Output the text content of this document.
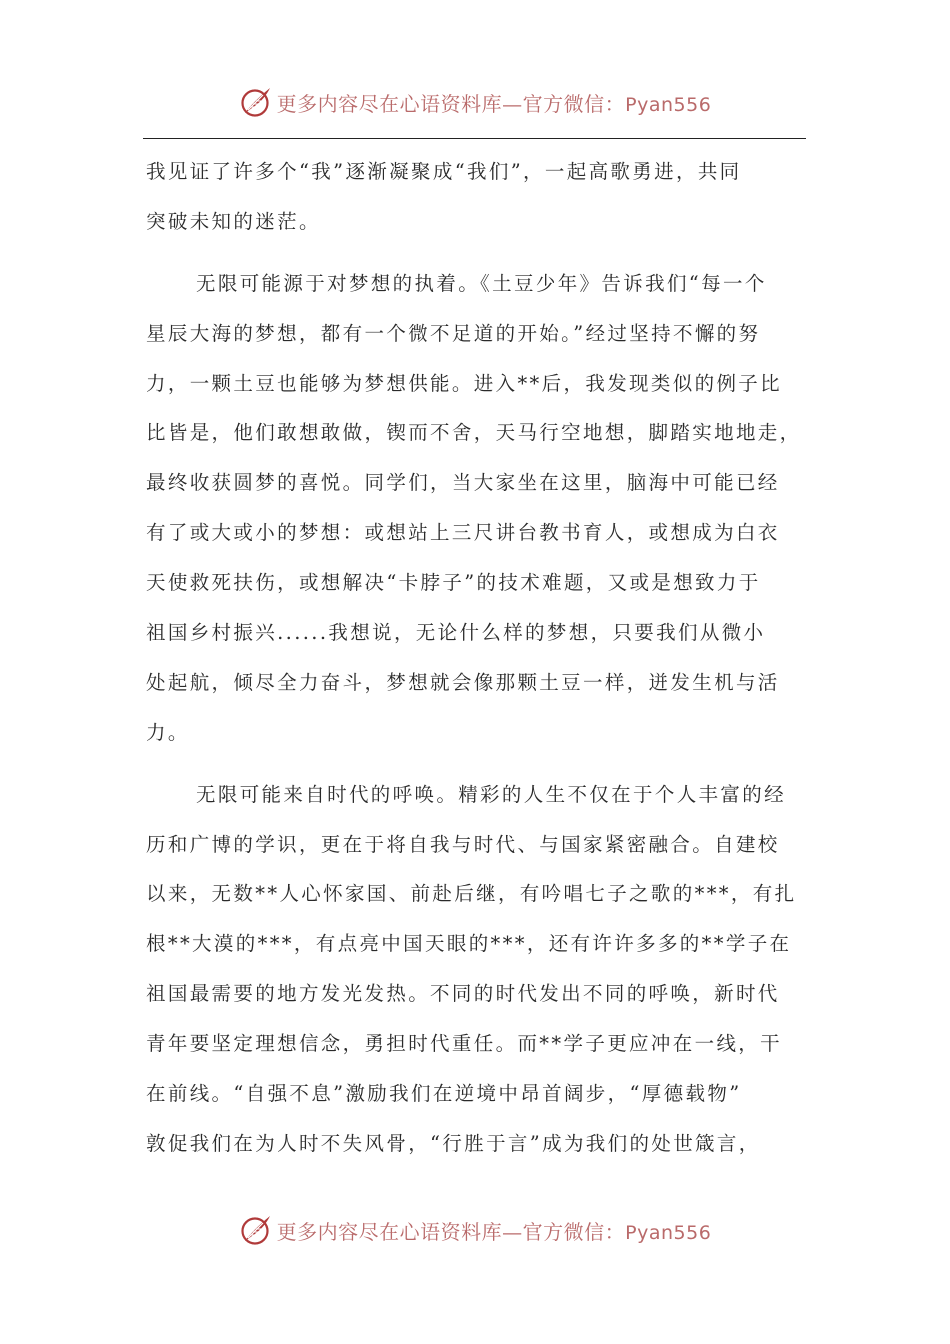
更多内容尽在心语资料库—官方微信：Pyan556
我见证了许多个“我”逐渐凝聚成“我们”，一起高歌勇进，共同
突破未知的迷茫。
无限可能源于对梦想的执着。《土豆少年》告诉我们“每一个
星辰大海的梦想，都有一个微不足道的开始。”经过坚持不懈的努
力，一颗土豆也能够为梦想供能。进入**后，我发现类似的例子比
比皆是，他们敢想敢做，锲而不舍，天马行空地想，脚踏实地地走，
最终收获圆梦的喜悦。同学们，当大家坐在这里，脑海中可能已经
有了或大或小的梦想：或想站上三尺讲台教书育人，或想成为白衣
天使救死扶伤，或想解决“卡脖子”的技术难题，又或是想致力于
祖国乡村振兴......我想说，无论什么样的梦想，只要我们从微小
处起航，倾尽全力奋斗，梦想就会像那颗土豆一样，迸发生机与活
力。
无限可能来自时代的呼唤。精彩的人生不仅在于个人丰富的经
历和广博的学识，更在于将自我与时代、与国家紧密融合。自建校
以来，无数**人心怀家国、前赴后继，有吟唱七子之歌的***，有扎
根**大漠的***，有点亮中国天眼的***，还有许许多多的**学子在
祖国最需要的地方发光发热。不同的时代发出不同的呼唤，新时代
青年要坚定理想信念，勇担时代重任。而**学子更应冲在一线，干
在前线。“自强不息”激励我们在逆境中昂首阔步，“厚德载物”
敦促我们在为人时不失风骨，“行胜于言”成为我们的处世箴言，
更多内容尽在心语资料库—官方微信：Pyan556
